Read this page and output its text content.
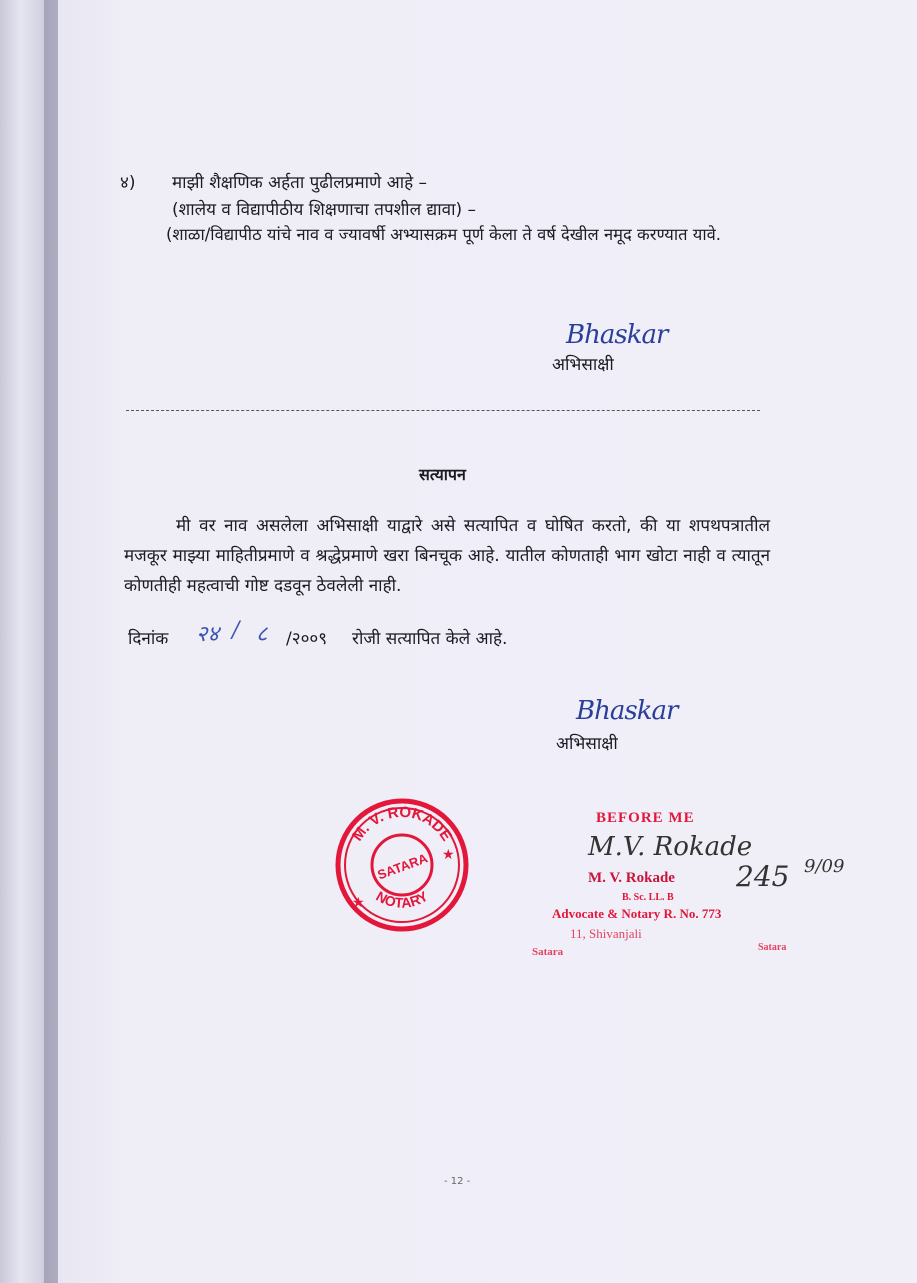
४) माझी शैक्षणिक अर्हता पुढीलप्रमाणे आहे –
(शालेय व विद्यापीठीय शिक्षणाचा तपशील द्यावा) –
(शाळा/विद्यापीठ यांचे नाव व ज्यावर्षी अभ्यासक्रम पूर्ण केला ते वर्ष देखील नमूद करण्यात यावे.
Bhaskar
अभिसाक्षी
सत्यापन
मी वर नाव असलेला अभिसाक्षी याद्वारे असे सत्यापित व घोषित करतो, की या शपथपत्रातील मजकूर माझ्या माहितीप्रमाणे व श्रद्धेप्रमाणे खरा बिनचूक आहे. यातील कोणताही भाग खोटा नाही व त्यातून कोणतीही महत्वाची गोष्ट दडवून ठेवलेली नाही.
दिनांक २४ / ८ /२००९ रोजी सत्यापित केले आहे.
Bhaskar
अभिसाक्षी
M. V. ROKADE
NOTARY
SATARA
★
★
BEFORE ME
M. V. Rokade
B. Sc. LL. B
Advocate & Notary R. No. 773
11, Shivanjali
Satara	Satara
M.V. Rokade
245 9/09
- 12 -
